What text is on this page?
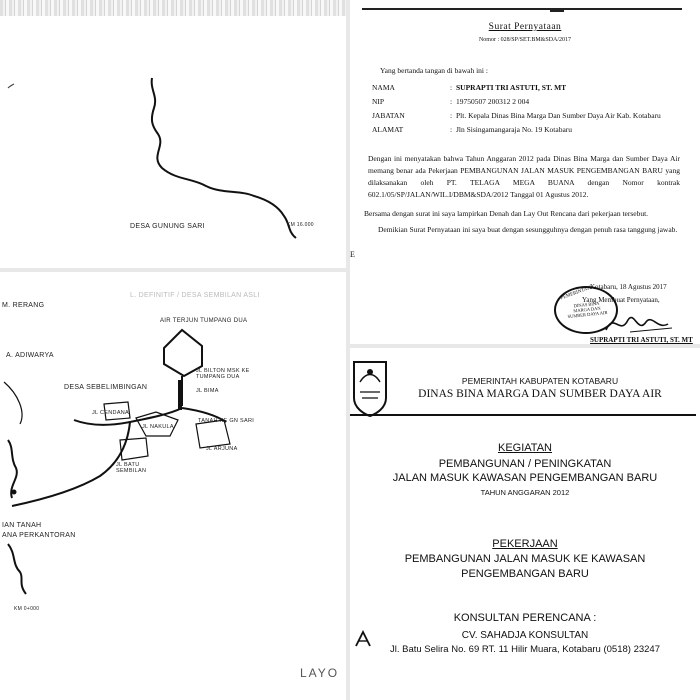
DESA GUNUNG SARI	KM 16.000
M. RERANG
L. DEFINITIF / DESA SEMBILAN ASLI
A. ADIWARYA
AIR TERJUN TUMPANG DUA
DESA SEBELIMBINGAN
JL BILTON MSK KE TUMPANG DUA
JL BIMA
TANAH KE GN SARI
JL CENDANA
JL NAKULA
JL ARJUNA
JL BATU SEMBILAN
IAN TANAH
ANA PERKANTORAN
KM 0+000
LAYO
Surat Pernyataan
Nomor : 028/SP/SET.BM&SDA/2017
Yang bertanda tangan di bawah ini :
NAMA	: SUPRAPTI TRI ASTUTI, ST. MT
NIP	: 19750507 200312 2 004
JABATAN	: Plt. Kepala Dinas Bina Marga Dan Sumber Daya Air Kab. Kotabaru
ALAMAT	: Jln Sisingamangaraja No. 19 Kotabaru
Dengan ini menyatakan bahwa Tahun Anggaran 2012 pada Dinas Bina Marga dan Sumber Daya Air memang benar ada Pekerjaan PEMBANGUNAN JALAN MASUK PENGEMBANGAN BARU yang dilaksanakan oleh PT. TELAGA MEGA BUANA dengan Nomor kontrak 602.1/05/SP/JALAN/WIL.I/DBM&SDA/2012 Tanggal 01 Agustus 2012.
Bersama dengan surat ini saya lampirkan Denah dan Lay Out Rencana dari pekerjaan tersebut.
Demikian Surat Pernyataan ini saya buat dengan sesungguhnya dengan penuh rasa tanggung jawab.
E
Kotabaru, 18 Agustus 2017
Yang Membuat Pernyataan,
PEMERINTAH
DINAS BINA MARGA DAN SUMBER DAYA AIR
SUPRAPTI TRI ASTUTI, ST. MT
PEMERINTAH KABUPATEN KOTABARU
DINAS BINA MARGA DAN SUMBER DAYA AIR
KEGIATAN
PEMBANGUNAN / PENINGKATAN
JALAN MASUK KAWASAN PENGEMBANGAN BARU
TAHUN ANGGARAN 2012
PEKERJAAN
PEMBANGUNAN JALAN MASUK KE KAWASAN
PENGEMBANGAN BARU
KONSULTAN PERENCANA :
CV. SAHADJA KONSULTAN
Jl. Batu Selira No. 69 RT. 11 Hilir Muara, Kotabaru (0518) 23247
